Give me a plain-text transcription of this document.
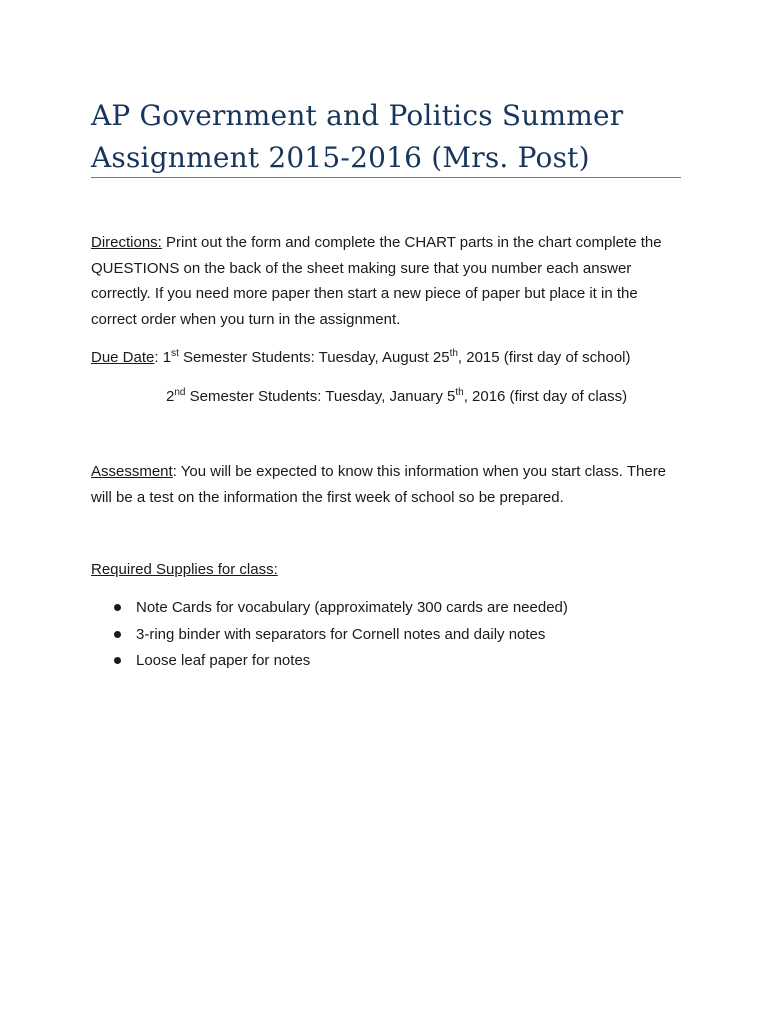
AP Government and Politics Summer
Assignment 2015-2016 (Mrs. Post)
Directions: Print out the form and complete the CHART parts in the chart complete the QUESTIONS on the back of the sheet making sure that you number each answer correctly. If you need more paper then start a new piece of paper but place it in the correct order when you turn in the assignment.
Due Date: 1st Semester Students: Tuesday, August 25th, 2015 (first day of school)
2nd Semester Students: Tuesday, January 5th, 2016 (first day of class)
Assessment: You will be expected to know this information when you start class. There will be a test on the information the first week of school so be prepared.
Required Supplies for class:
Note Cards for vocabulary (approximately 300 cards are needed)
3-ring binder with separators for Cornell notes and daily notes
Loose leaf paper for notes
